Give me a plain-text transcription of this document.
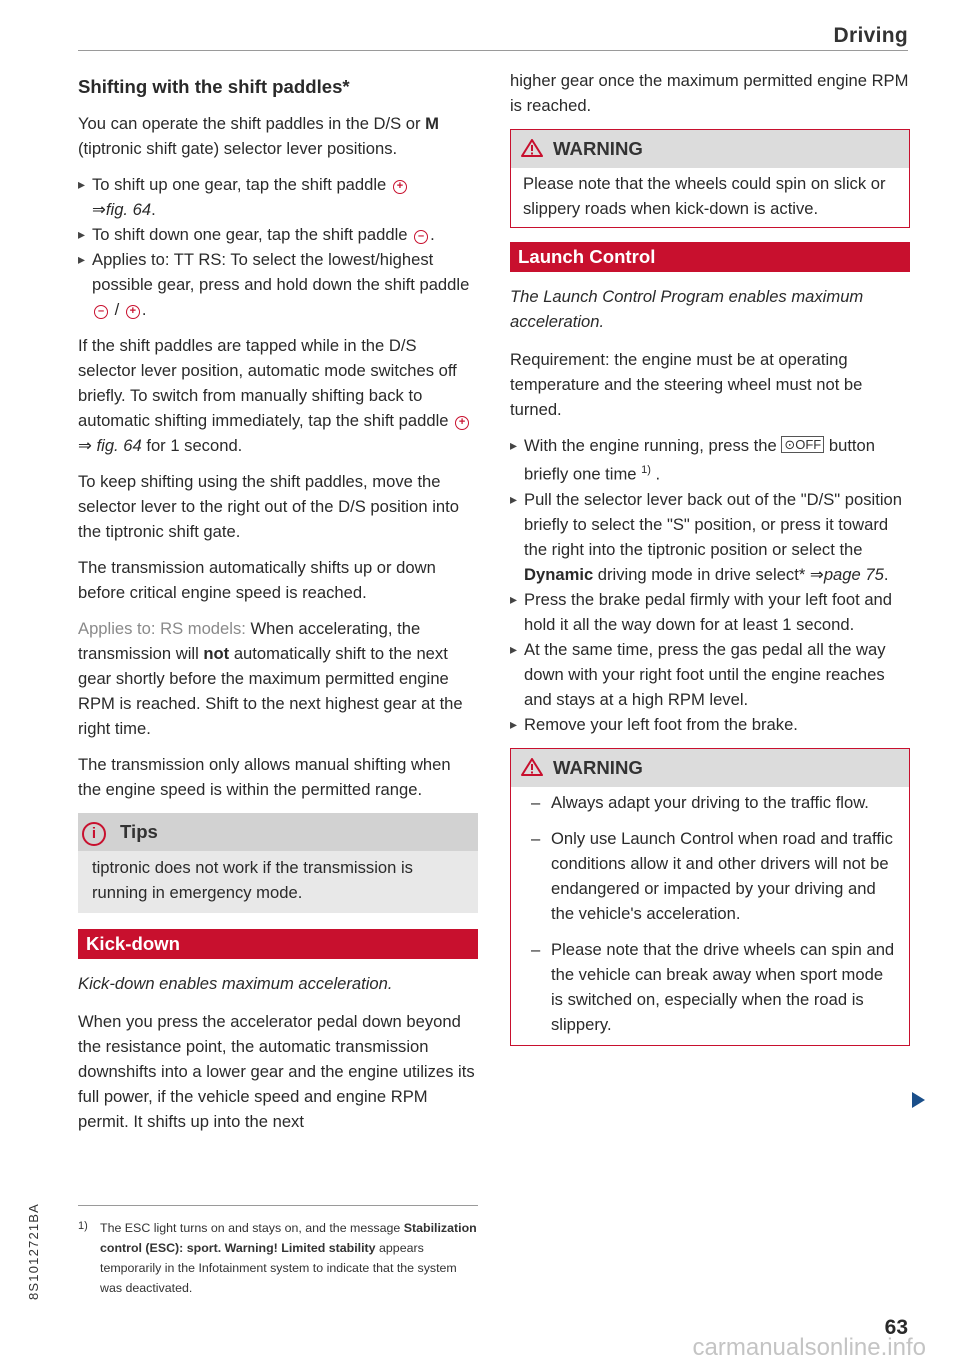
Driving
Shifting with the shift paddles*

You can operate the shift paddles in the D/S or M (tiptronic shift gate) selector lever positions.

▸ To shift up one gear, tap the shift paddle +
⇒fig. 64.

▸ To shift down one gear, tap the shift paddle – .

▸ Applies to: TT RS: To select the lowest/highest possible gear, press and hold down the shift paddle – / + .

If the shift paddles are tapped while in the D/S selector lever position, automatic mode switches off briefly. To switch from manually shifting back to automatic shifting immediately, tap the shift paddle + ⇒ fig. 64 for 1 second.

To keep shifting using the shift paddles, move the selector lever to the right out of the D/S position into the tiptronic shift gate.

The transmission automatically shifts up or down before critical engine speed is reached.

Applies to: RS models: When accelerating, the transmission will not automatically shift to the next gear shortly before the maximum permitted engine RPM is reached. Shift to the next highest gear at the right time.

The transmission only allows manual shifting when the engine speed is within the permitted range.

i Tips
tiptronic does not work if the transmission is running in emergency mode.
Kick-down

Kick-down enables maximum acceleration.

When you press the accelerator pedal down beyond the resistance point, the automatic transmission downshifts into a lower gear and the engine utilizes its full power, if the vehicle speed and engine RPM permit. It shifts up into the next

higher gear once the maximum permitted engine RPM is reached.

WARNING
Please note that the wheels could spin on slick or slippery roads when kick-down is active.
Launch Control

The Launch Control Program enables maximum acceleration.

Requirement: the engine must be at operating temperature and the steering wheel must not be turned.

▸ With the engine running, press the ⊙OFF button briefly one time $^{1)}$ .

▸ Pull the selector lever back out of the "D/S" position briefly to select the "S" position, or press it toward the right into the tiptronic position or select the Dynamic driving mode in drive select* ⇒page 75.

▸ Press the brake pedal firmly with your left foot and hold it all the way down for at least 1 second.

▸ At the same time, press the gas pedal all the way down with your right foot until the engine reaches and stays at a high RPM level.

▸ Remove your left foot from the brake.

WARNING

– Always adapt your driving to the traffic flow.

– Only use Launch Control when road and traffic conditions allow it and other drivers will not be endangered or impacted by your driving and the vehicle's acceleration.

– Please note that the drive wheels can spin and the vehicle can break away when sport mode is switched on, especially when the road is slippery.

1) The ESC light turns on and stays on, and the message Stabilization control (ESC): sport. Warning! Limited stability appears temporarily in the Infotainment system to indicate that the system was deactivated.
8S1012721BA
63
carmanualsonline.info
